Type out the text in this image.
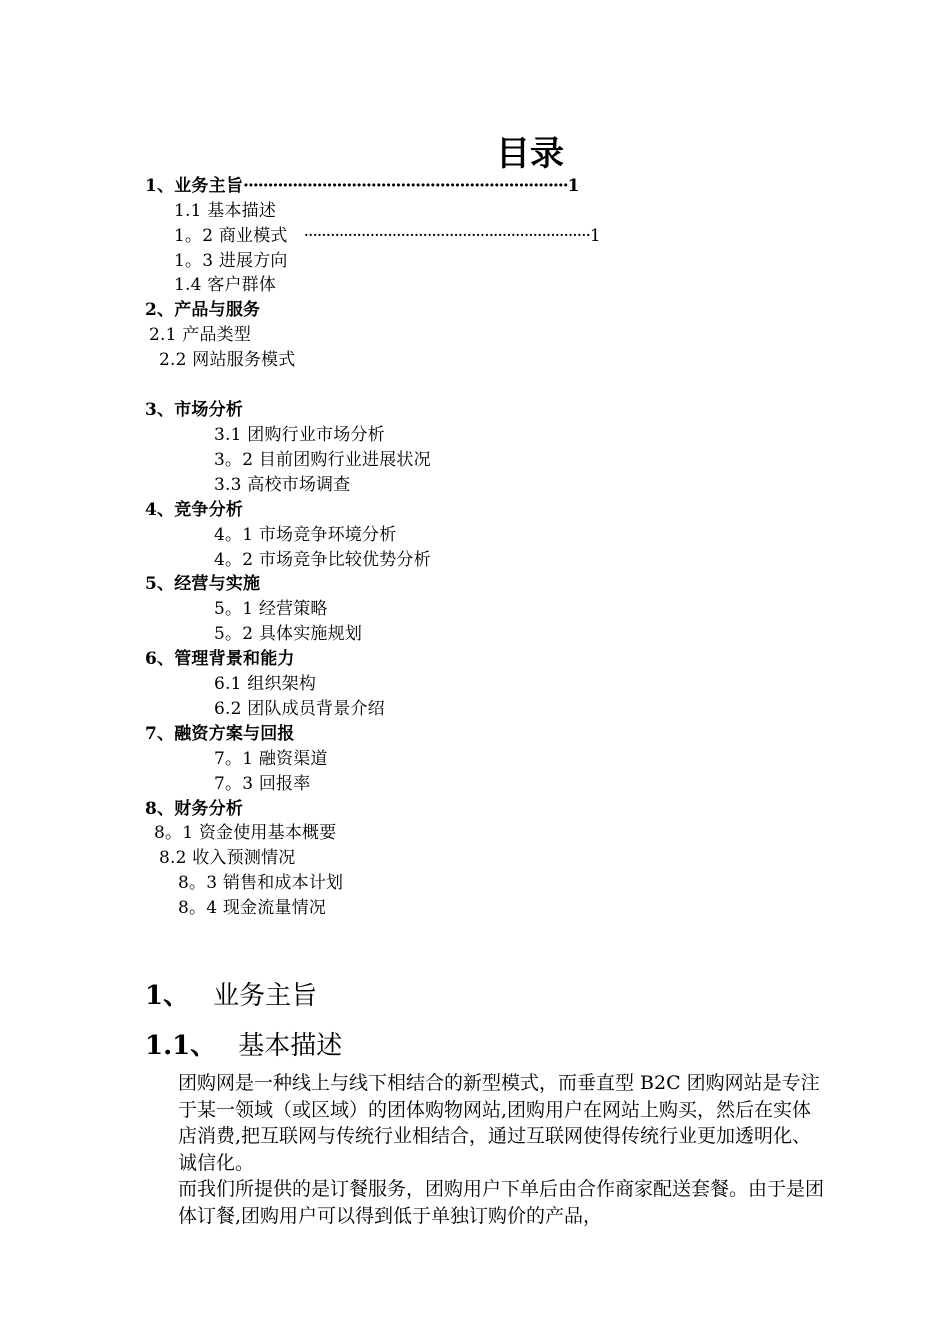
目录
1、业务主旨··································································1
1.1 基本描述
1。2 商业模式 ·································································1
1。3 进展方向
1.4 客户群体
2、产品与服务
2.1 产品类型
2.2 网站服务模式
3、市场分析
3.1 团购行业市场分析
3。2 目前团购行业进展状况
3.3 高校市场调查
4、竞争分析
4。1 市场竞争环境分析
4。2 市场竞争比较优势分析
5、经营与实施
5。1 经营策略
5。2 具体实施规划
6、管理背景和能力
6.1 组织架构
6.2 团队成员背景介绍
7、融资方案与回报
7。1 融资渠道
7。3 回报率
8、财务分析
8。1 资金使用基本概要
8.2 收入预测情况
8。3 销售和成本计划
8。4 现金流量情况
1、 业务主旨
1.1、 基本描述

团购网是一种线上与线下相结合的新型模式，而垂直型 B2C 团购网站是专注于某一领域（或区域）的团体购物网站,团购用户在网站上购买，然后在实体店消费,把互联网与传统行业相结合，通过互联网使得传统行业更加透明化、诚信化。

而我们所提供的是订餐服务，团购用户下单后由合作商家配送套餐。由于是团体订餐,团购用户可以得到低于单独订购价的产品，
